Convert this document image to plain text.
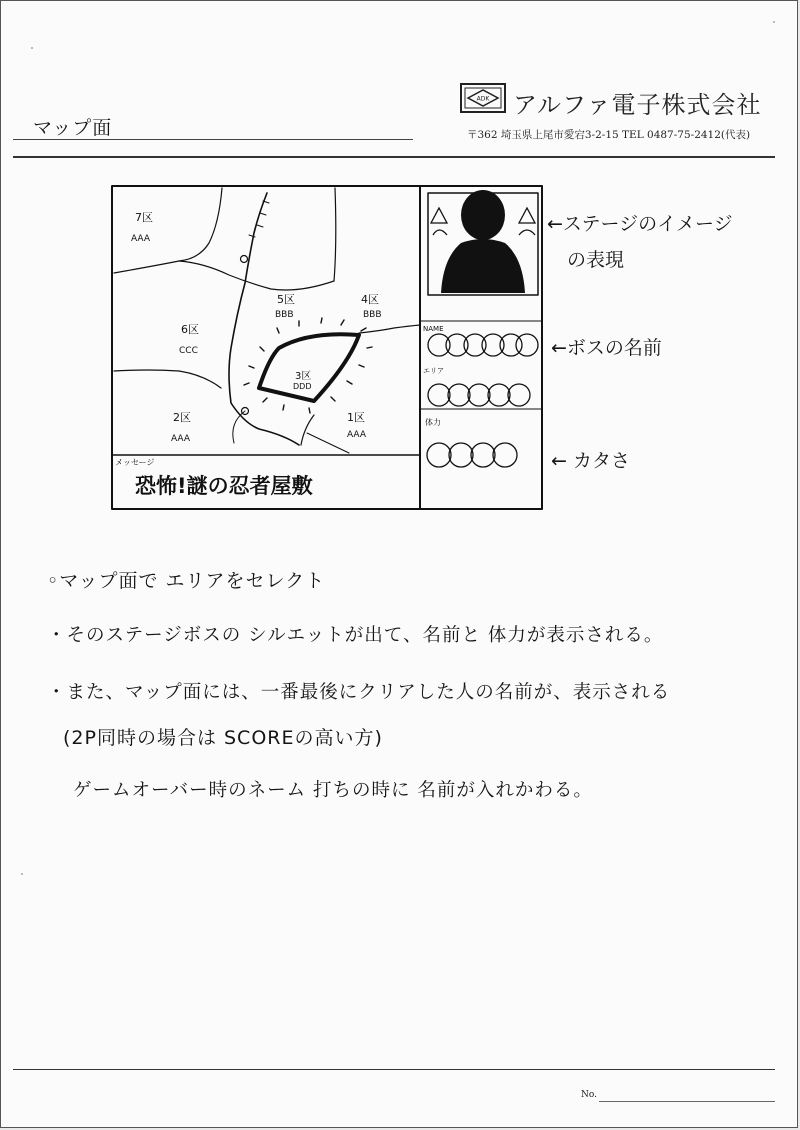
マップ面
ADK アルファ電子株式会社
〒362 埼玉県上尾市愛宕3-2-15 TEL 0487-75-2412(代表)
7区
AAA
5区
BBB
4区
BBB
6区
CCC
3区
DDD
2区
AAA
1区
AAA
メッセージ
恐怖!謎の忍者屋敷
NAME
エリア
体力
←ステージのイメージ
の表現
←ボスの名前
← カタさ
◦マップ面で エリアをセレクト
・そのステージボスの シルエットが出て、名前と 体力が表示される。
・また、マップ面には、一番最後にクリアした人の名前が、表示される
(2P同時の場合は SCOREの高い方)
ゲームオーバー時のネーム 打ちの時に 名前が入れかわる。
No.
